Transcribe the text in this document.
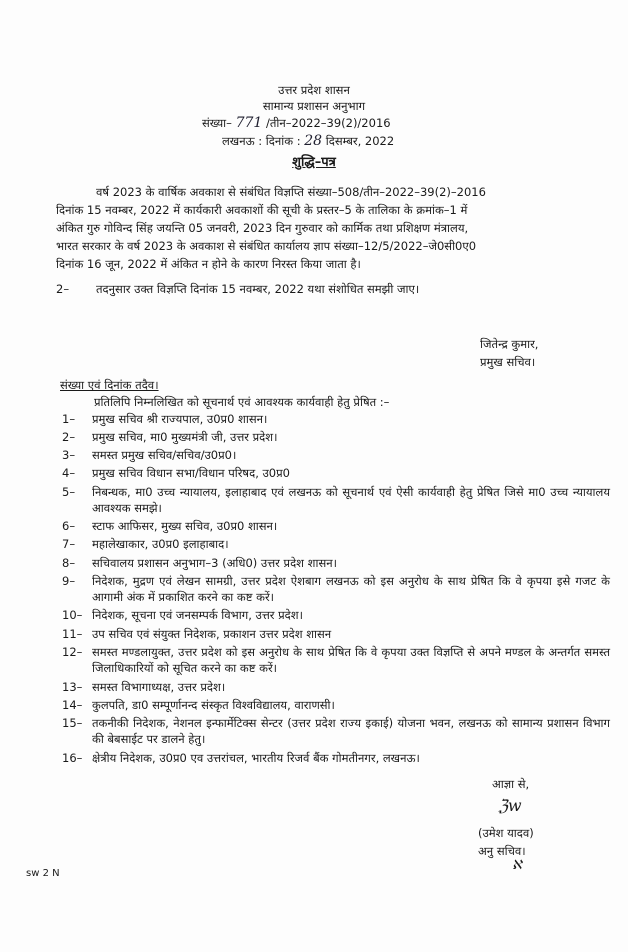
उत्तर प्रदेश शासन
सामान्य प्रशासन अनुभाग
संख्या– 771 /तीन–2022–39(2)/2016
लखनऊ : दिनांक : 28 दिसम्बर, 2022
शुद्धि–पत्र
वर्ष 2023 के वार्षिक अवकाश से संबंधित विज्ञप्ति संख्या–508/तीन–2022–39(2)–2016
दिनांक 15 नवम्बर, 2022 में कार्यकारी अवकाशों की सूची के प्रस्तर–5 के तालिका के क्रमांक–1 में
अंकित गुरु गोविन्द सिंह जयन्ति 05 जनवरी, 2023 दिन गुरुवार को कार्मिक तथा प्रशिक्षण मंत्रालय,
भारत सरकार के वर्ष 2023 के अवकाश से संबंधित कार्यालय ज्ञाप संख्या–12/5/2022–जे0सी0ए0
दिनांक 16 जून, 2022 में अंकित न होने के कारण निरस्त किया जाता है।
2– तदनुसार उक्त विज्ञप्ति दिनांक 15 नवम्बर, 2022 यथा संशोधित समझी जाए।
जितेन्द्र कुमार,
प्रमुख सचिव।
संख्या एवं दिनांक तदैव।
प्रतिलिपि निम्नलिखित को सूचनार्थ एवं आवश्यक कार्यवाही हेतु प्रेषित :–
1–	प्रमुख सचिव श्री राज्यपाल, उ0प्र0 शासन।
2–	प्रमुख सचिव, मा0 मुख्यमंत्री जी, उत्तर प्रदेश।
3–	समस्त प्रमुख सचिव/सचिव/उ0प्र0।
4–	प्रमुख सचिव विधान सभा/विधान परिषद, उ0प्र0
5–	निबन्धक, मा0 उच्च न्यायालय, इलाहाबाद एवं लखनऊ को सूचनार्थ एवं ऐसी कार्यवाही हेतु प्रेषित जिसे मा0 उच्च न्यायालय आवश्यक समझे।
6–	स्टाफ आफिसर, मुख्य सचिव, उ0प्र0 शासन।
7–	महालेखाकार, उ0प्र0 इलाहाबाद।
8–	सचिवालय प्रशासन अनुभाग–3 (अधि0) उत्तर प्रदेश शासन।
9–	निदेशक, मुद्रण एवं लेखन सामग्री, उत्तर प्रदेश ऐशबाग लखनऊ को इस अनुरोध के साथ प्रेषित कि वे कृपया इसे गजट के आगामी अंक में प्रकाशित करने का कष्ट करें।
10– निदेशक, सूचना एवं जनसम्पर्क विभाग, उत्तर प्रदेश।
11– उप सचिव एवं संयुक्त निदेशक, प्रकाशन उत्तर प्रदेश शासन
12– समस्त मण्डलायुक्त, उत्तर प्रदेश को इस अनुरोध के साथ प्रेषित कि वे कृपया उक्त विज्ञप्ति से अपने मण्डल के अन्तर्गत समस्त जिलाधिकारियों को सूचित करने का कष्ट करें।
13– समस्त विभागाध्यक्ष, उत्तर प्रदेश।
14– कुलपति, डा0 सम्पूर्णानन्द संस्कृत विश्वविद्यालय, वाराणसी।
15– तकनीकी निदेशक, नेशनल इन्फार्मेटिक्स सेन्टर (उत्तर प्रदेश राज्य इकाई) योजना भवन, लखनऊ को सामान्य प्रशासन विभाग की बेबसाईट पर डालने हेतु।
16– क्षेत्रीय निदेशक, उ0प्र0 एव उत्तरांचल, भारतीय रिजर्व बैंक गोमतीनगर, लखनऊ।
आज्ञा से,
ℨw
(उमेश यादव)
अनु सचिव।
ℵ
sw 2 N
